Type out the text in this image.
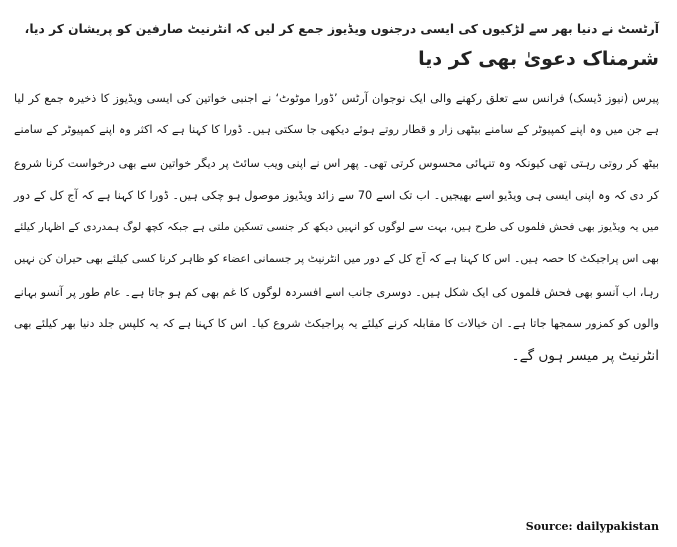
آرٹسٹ نے دنیا بھر سے لڑکیوں کی ایسی درجنوں ویڈیوز جمع کر لیں کہ انٹرنیٹ صارفین کو پریشان کر دیا،
شرمناک دعویٰ بھی کر دیا
پیرس (نیوز ڈیسک) فرانس سے تعلق رکھنے والی ایک نوجوان آرٹس ’ڈورا موٹوٹ‘ نے اجنبی خواتین کی ایسی ویڈیوز کا ذخیرہ جمع کر لیا
ہے جن میں وہ اپنے کمپیوٹر کے سامنے بیٹھی زار و قطار روتے ہوئے دیکھی جا سکتی ہیں۔ ڈورا کا کہنا ہے کہ اکثر وہ اپنے کمپیوٹر کے سامنے
بیٹھ کر روتی رہتی تھی کیونکہ وہ تنہائی محسوس کرتی تھی۔ پھر اس نے اپنی ویب سائٹ پر دیگر خواتین سے بھی درخواست کرنا شروع
کر دی کہ وہ اپنی ایسی ہی ویڈیو اسے بھیجیں۔ اب تک اسے 70 سے زائد ویڈیوز موصول ہو چکی ہیں۔ ڈورا کا کہنا ہے کہ آج کل کے دور
میں یہ ویڈیوز بھی فحش فلموں کی طرح ہیں، بہت سے لوگوں کو انہیں دیکھ کر جنسی تسکین ملتی ہے جبکہ کچھ لوگ ہمدردی کے اظہار کیلئے
بھی اس پراجیکٹ کا حصہ ہیں۔ اس کا کہنا ہے کہ آج کل کے دور میں انٹرنیٹ پر جسمانی اعضاء کو ظاہر کرنا کسی کیلئے بھی حیران کن نہیں
رہا، اب آنسو بھی فحش فلموں کی ایک شکل ہیں۔ دوسری جانب اسے افسردہ لوگوں کا غم بھی کم ہو جاتا ہے۔ عام طور پر آنسو بہانے
والوں کو کمزور سمجھا جاتا ہے۔ ان خیالات کا مقابلہ کرنے کیلئے یہ پراجیکٹ شروع کیا۔ اس کا کہنا ہے کہ یہ کلپس جلد دنیا بھر کیلئے بھی
انٹرنیٹ پر میسر ہوں گے۔
Source: dailypakistan
